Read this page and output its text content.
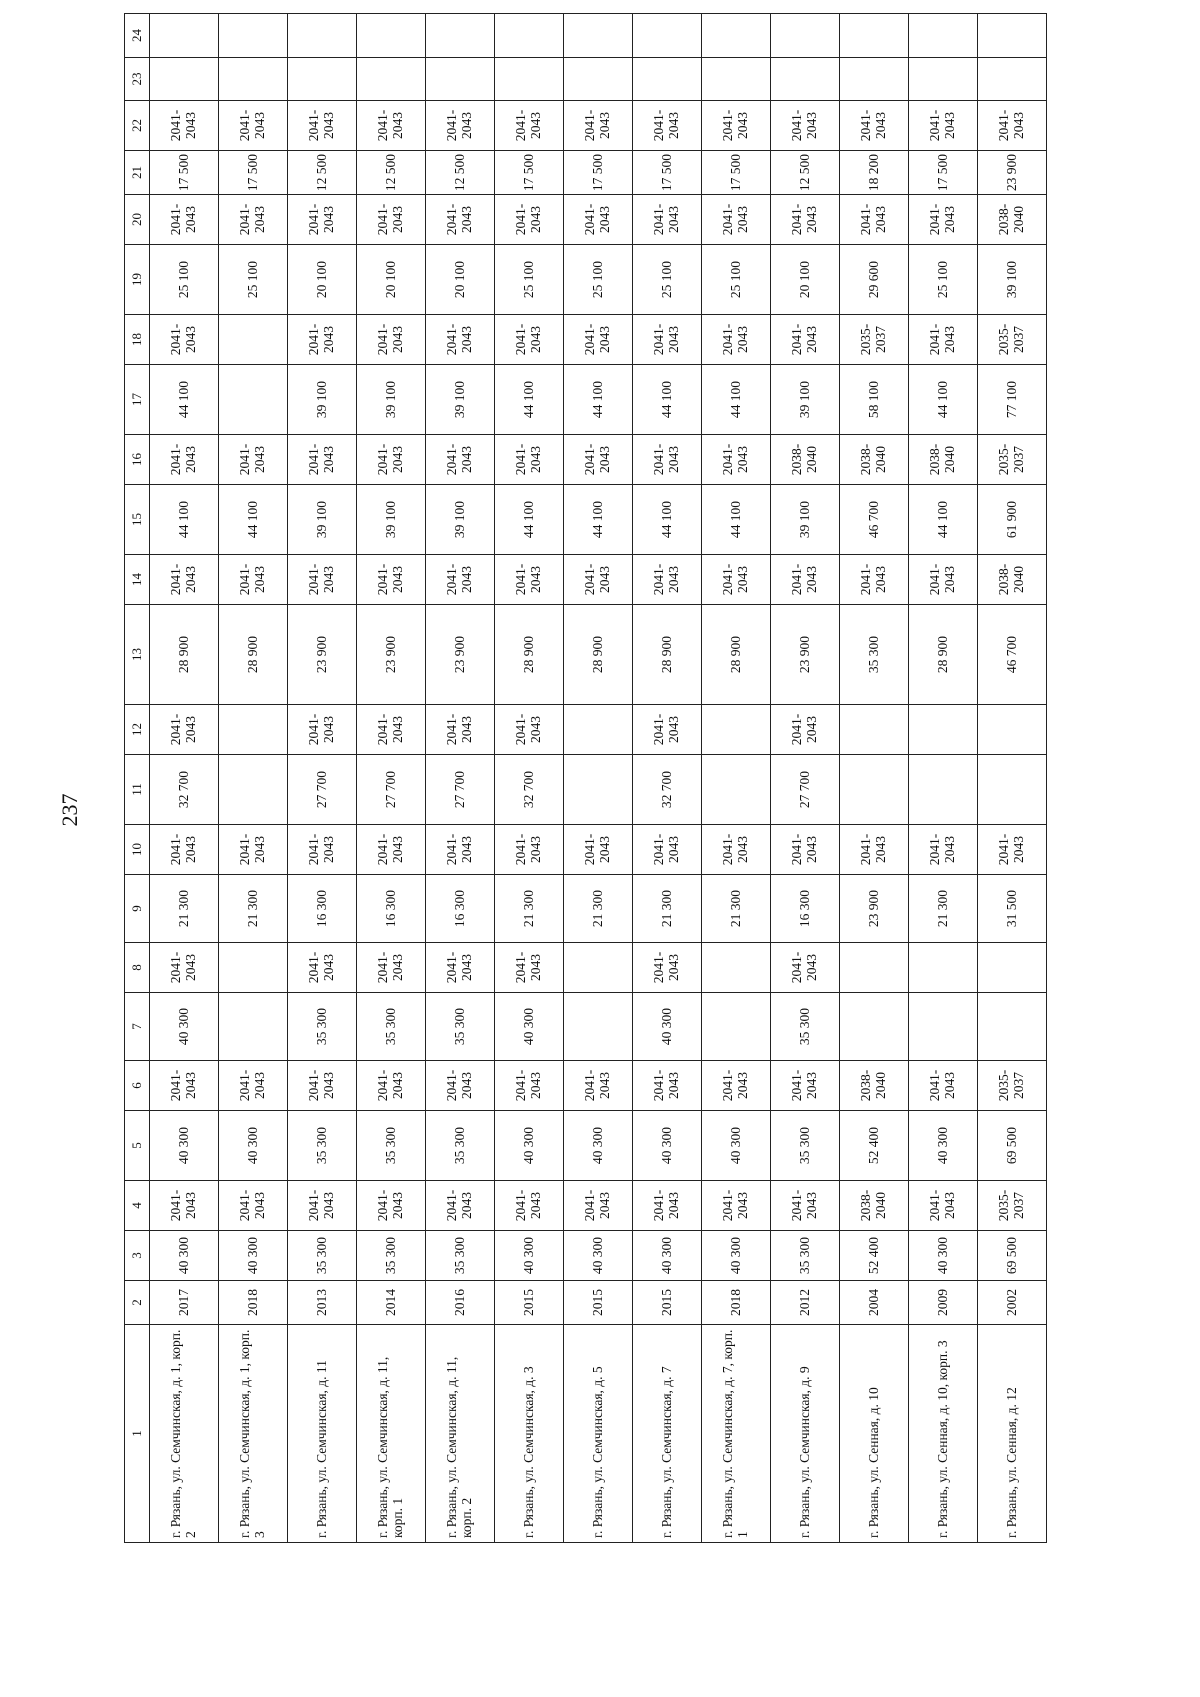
237
1	2	3	4	5	6	7	8	9	10	11	12	13	14	15	16	17	18	19	20	21	22	23	24
г. Рязань, ул. Семчинская, д. 1, корп. 2	2017	40 300	2041-2043	40 300	2041-2043	40 300	2041-2043	21 300	2041-2043	32 700	2041-2043	28 900	2041-2043	44 100	2041-2043	44 100	2041-2043	25 100	2041-2043	17 500	2041-2043		
г. Рязань, ул. Семчинская, д. 1, корп. 3	2018	40 300	2041-2043	40 300	2041-2043			21 300	2041-2043			28 900	2041-2043	44 100	2041-2043			25 100	2041-2043	17 500	2041-2043		
г. Рязань, ул. Семчинская, д. 11	2013	35 300	2041-2043	35 300	2041-2043	35 300	2041-2043	16 300	2041-2043	27 700	2041-2043	23 900	2041-2043	39 100	2041-2043	39 100	2041-2043	20 100	2041-2043	12 500	2041-2043		
г. Рязань, ул. Семчинская, д. 11, корп. 1	2014	35 300	2041-2043	35 300	2041-2043	35 300	2041-2043	16 300	2041-2043	27 700	2041-2043	23 900	2041-2043	39 100	2041-2043	39 100	2041-2043	20 100	2041-2043	12 500	2041-2043		
г. Рязань, ул. Семчинская, д. 11, корп. 2	2016	35 300	2041-2043	35 300	2041-2043	35 300	2041-2043	16 300	2041-2043	27 700	2041-2043	23 900	2041-2043	39 100	2041-2043	39 100	2041-2043	20 100	2041-2043	12 500	2041-2043		
г. Рязань, ул. Семчинская, д. 3	2015	40 300	2041-2043	40 300	2041-2043	40 300	2041-2043	21 300	2041-2043	32 700	2041-2043	28 900	2041-2043	44 100	2041-2043	44 100	2041-2043	25 100	2041-2043	17 500	2041-2043		
г. Рязань, ул. Семчинская, д. 5	2015	40 300	2041-2043	40 300	2041-2043			21 300	2041-2043			28 900	2041-2043	44 100	2041-2043	44 100	2041-2043	25 100	2041-2043	17 500	2041-2043		
г. Рязань, ул. Семчинская, д. 7	2015	40 300	2041-2043	40 300	2041-2043	40 300	2041-2043	21 300	2041-2043	32 700	2041-2043	28 900	2041-2043	44 100	2041-2043	44 100	2041-2043	25 100	2041-2043	17 500	2041-2043		
г. Рязань, ул. Семчинская, д. 7, корп. 1	2018	40 300	2041-2043	40 300	2041-2043			21 300	2041-2043			28 900	2041-2043	44 100	2041-2043	44 100	2041-2043	25 100	2041-2043	17 500	2041-2043		
г. Рязань, ул. Семчинская, д. 9	2012	35 300	2041-2043	35 300	2041-2043	35 300	2041-2043	16 300	2041-2043	27 700	2041-2043	23 900	2041-2043	39 100	2038-2040	39 100	2041-2043	20 100	2041-2043	12 500	2041-2043		
г. Рязань, ул. Сенная, д. 10	2004	52 400	2038-2040	52 400	2038-2040			23 900	2041-2043			35 300	2041-2043	46 700	2038-2040	58 100	2035-2037	29 600	2041-2043	18 200	2041-2043		
г. Рязань, ул. Сенная, д. 10, корп. 3	2009	40 300	2041-2043	40 300	2041-2043			21 300	2041-2043			28 900	2041-2043	44 100	2038-2040	44 100	2041-2043	25 100	2041-2043	17 500	2041-2043		
г. Рязань, ул. Сенная, д. 12	2002	69 500	2035-2037	69 500	2035-2037			31 500	2041-2043			46 700	2038-2040	61 900	2035-2037	77 100	2035-2037	39 100	2038-2040	23 900	2041-2043		
